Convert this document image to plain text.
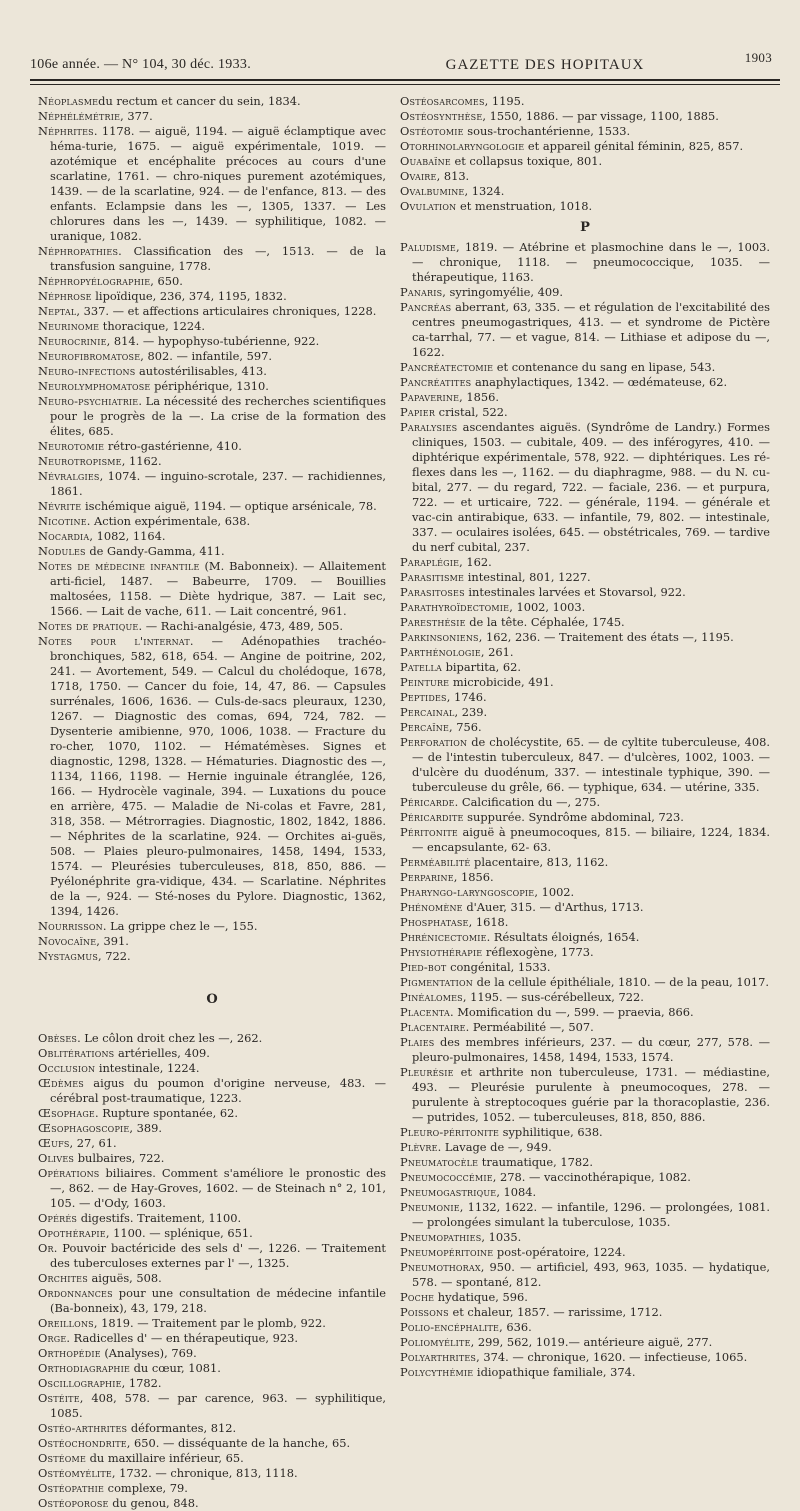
106e année. — N° 104, 30 déc. 1933.	GAZETTE DES HOPITAUX	1903

Néoplasmedu rectum et cancer du sein, 1834.

Néphélémétrie, 377.

Néphrites. 1178. — aiguë, 1194. — aiguë éclamptique avec héma-turie, 1675. — aiguë expérimentale, 1019. — azotémique et encéphalite précoces au cours d'une scarlatine, 1761. — chro-niques purement azotémiques, 1439. — de la scarlatine, 924. — de l'enfance, 813. — des enfants. Eclampsie dans les —, 1305, 1337. — Les chlorures dans les —, 1439. — syphilitique, 1082. — uranique, 1082.

Néphropathies. Classification des —, 1513. — de la transfusion sanguine, 1778.

Néphropyélographie, 650.

Néphrose lipoïdique, 236, 374, 1195, 1832.

Neptal, 337. — et affections articulaires chroniques, 1228.

Neurinome thoracique, 1224.

Neurocrinie, 814. — hypophyso-tubérienne, 922.

Neurofibromatose, 802. — infantile, 597.

Neuro-infections autostérilisables, 413.

Neurolymphomatose périphérique, 1310.

Neuro-psychiatrie. La nécessité des recherches scientifiques pour le progrès de la —. La crise de la formation des élites, 685.

Neurotomie rétro-gastérienne, 410.

Neurotropisme, 1162.

Névralgies, 1074. — inguino-scrotale, 237. — rachidiennes, 1861.

Névrite ischémique aiguë, 1194. — optique arsénicale, 78.

Nicotine. Action expérimentale, 638.

Nocardia, 1082, 1164.

Nodules de Gandy-Gamma, 411.

Notes de médecine infantile (M. Babonneix). — Allaitement arti-ficiel, 1487. — Babeurre, 1709. — Bouillies maltosées, 1158. — Diète hydrique, 387. — Lait sec, 1566. — Lait de vache, 611. — Lait concentré, 961.

Notes de pratique. — Rachi-analgésie, 473, 489, 505.

Notes pour l'internat. — Adénopathies trachéo-bronchiques, 582, 618, 654. — Angine de poitrine, 202, 241. — Avortement, 549. — Calcul du cholédoque, 1678, 1718, 1750. — Cancer du foie, 14, 47, 86. — Capsules surrénales, 1606, 1636. — Culs-de-sacs pleuraux, 1230, 1267. — Diagnostic des comas, 694, 724, 782. — Dysenterie amibienne, 970, 1006, 1038. — Fracture du ro-cher, 1070, 1102. — Hématémèses. Signes et diagnostic, 1298, 1328. — Hématuries. Diagnostic des —, 1134, 1166, 1198. — Hernie inguinale étranglée, 126, 166. — Hydrocèle vaginale, 394. — Luxations du pouce en arrière, 475. — Maladie de Ni-colas et Favre, 281, 318, 358. — Métrorragies. Diagnostic, 1802, 1842, 1886. — Néphrites de la scarlatine, 924. — Orchites ai-guës, 508. — Plaies pleuro-pulmonaires, 1458, 1494, 1533, 1574. — Pleurésies tuberculeuses, 818, 850, 886. — Pyélonéphrite gra-vidique, 434. — Scarlatine. Néphrites de la —, 924. — Sté-noses du Pylore. Diagnostic, 1362, 1394, 1426.

Nourrisson. La grippe chez le —, 155.

Novocaïne, 391.

Nystagmus, 722.

O

Obèses. Le côlon droit chez les —, 262.

Oblitérations artérielles, 409.

Occlusion intestinale, 1224.

Œdèmes aigus du poumon d'origine nerveuse, 483. — cérébral post-traumatique, 1223.

Œsophage. Rupture spontanée, 62.

Œsophagoscopie, 389.

Œufs, 27, 61.

Olives bulbaires, 722.

Opérations biliaires. Comment s'améliore le pronostic des —, 862. — de Hay-Groves, 1602. — de Steinach n° 2, 101, 105. — d'Ody, 1603.

Opérés digestifs. Traitement, 1100.

Opothérapie, 1100. — splénique, 651.

Or. Pouvoir bactéricide des sels d' —, 1226. — Traitement des tuberculoses externes par l' —, 1325.

Orchites aiguës, 508.

Ordonnances pour une consultation de médecine infantile (Ba-bonneix), 43, 179, 218.

Oreillons, 1819. — Traitement par le plomb, 922.

Orge. Radicelles d' — en thérapeutique, 923.

Orthopédie (Analyses), 769.

Orthodiagraphie du cœur, 1081.

Oscillographie, 1782.

Ostéite, 408, 578. — par carence, 963. — syphilitique, 1085.

Ostéo-arthrites déformantes, 812.

Ostéochondrite, 650. — disséquante de la hanche, 65.

Ostéome du maxillaire inférieur, 65.

Ostéomyélite, 1732. — chronique, 813, 1118.

Ostéopathie complexe, 79.

Ostéoporose du genou, 848.

Ostéosarcomes, 1195.

Ostéosynthèse, 1550, 1886. — par vissage, 1100, 1885.

Ostéotomie sous-trochantérienne, 1533.

Otorhinolaryngologie et appareil génital féminin, 825, 857.

Ouabaïne et collapsus toxique, 801.

Ovaire, 813.

Ovalbumine, 1324.

Ovulation et menstruation, 1018.

P

Paludisme, 1819. — Atébrine et plasmochine dans le —, 1003. — chronique, 1118. — pneumococcique, 1035. — thérapeutique, 1163.

Panaris, syringomyélie, 409.

Pancréas aberrant, 63, 335. — et régulation de l'excitabilité des centres pneumogastriques, 413. — et syndrome de Pictère ca-tarrhal, 77. — et vague, 814. — Lithiase et adipose du —, 1622.

Pancréatectomie et contenance du sang en lipase, 543.

Pancréatites anaphylactiques, 1342. — œdémateuse, 62.

Papaverine, 1856.

Papier cristal, 522.

Paralysies ascendantes aiguës. (Syndrôme de Landry.) Formes cliniques, 1503. — cubitale, 409. — des inférogyres, 410. — diphtérique expérimentale, 578, 922. — diphtériques. Les ré-flexes dans les —, 1162. — du diaphragme, 988. — du N. cu-bital, 277. — du regard, 722. — faciale, 236. — et purpura, 722. — et urticaire, 722. — générale, 1194. — générale et vac-cin antirabique, 633. — infantile, 79, 802. — intestinale, 337. — oculaires isolées, 645. — obstétricales, 769. — tardive du nerf cubital, 237.

Paraplégie, 162.

Parasitisme intestinal, 801, 1227.

Parasitoses intestinales larvées et Stovarsol, 922.

Parathyroïdectomie, 1002, 1003.

Paresthésie de la tête. Céphalée, 1745.

Parkinsoniens, 162, 236. — Traitement des états —, 1195.

Parthénologie, 261.

Patella bipartita, 62.

Peinture microbicide, 491.

Peptides, 1746.

Percainal, 239.

Percaïne, 756.

Perforation de cholécystite, 65. — de cyltite tuberculeuse, 408. — de l'intestin tuberculeux, 847. — d'ulcères, 1002, 1003. — d'ulcère du duodénum, 337. — intestinale typhique, 390. — tuberculeuse du grêle, 66. — typhique, 634. — utérine, 335.

Péricarde. Calcification du —, 275.

Péricardite suppurée. Syndrôme abdominal, 723.

Péritonite aiguë à pneumocoques, 815. — biliaire, 1224, 1834. — encapsulante, 62- 63.

Perméabilité placentaire, 813, 1162.

Perparine, 1856.

Pharyngo-laryngoscopie, 1002.

Phénomène d'Auer, 315. — d'Arthus, 1713.

Phosphatase, 1618.

Phrénicectomie. Résultats éloignés, 1654.

Physiothérapie réflexogène, 1773.

Pied-bot congénital, 1533.

Pigmentation de la cellule épithéliale, 1810. — de la peau, 1017.

Pinéalomes, 1195. — sus-cérébelleux, 722.

Placenta. Momification du —, 599. — praevia, 866.

Placentaire. Perméabilité —, 507.

Plaies des membres inférieurs, 237. — du cœur, 277, 578. — pleuro-pulmonaires, 1458, 1494, 1533, 1574.

Pleurésie et arthrite non tuberculeuse, 1731. — médiastine, 493. — Pleurésie purulente à pneumocoques, 278. — purulente à streptocoques guérie par la thoracoplastie, 236. — putrides, 1052. — tuberculeuses, 818, 850, 886.

Pleuro-péritonite syphilitique, 638.

Plèvre. Lavage de —, 949.

Pneumatocèle traumatique, 1782.

Pneumococcémie, 278. — vaccinothérapique, 1082.

Pneumogastrique, 1084.

Pneumonie, 1132, 1622. — infantile, 1296. — prolongées, 1081. — prolongées simulant la tuberculose, 1035.

Pneumopathies, 1035.

Pneumopéritoine post-opératoire, 1224.

Pneumothorax, 950. — artificiel, 493, 963, 1035. — hydatique, 578. — spontané, 812.

Poche hydatique, 596.

Poissons et chaleur, 1857. — rarissime, 1712.

Polio-encéphalite, 636.

Poliomyélite, 299, 562, 1019.— antérieure aiguë, 277.

Polyarthrites, 374. — chronique, 1620. — infectieuse, 1065.

Polycythémie idiopathique familiale, 374.
